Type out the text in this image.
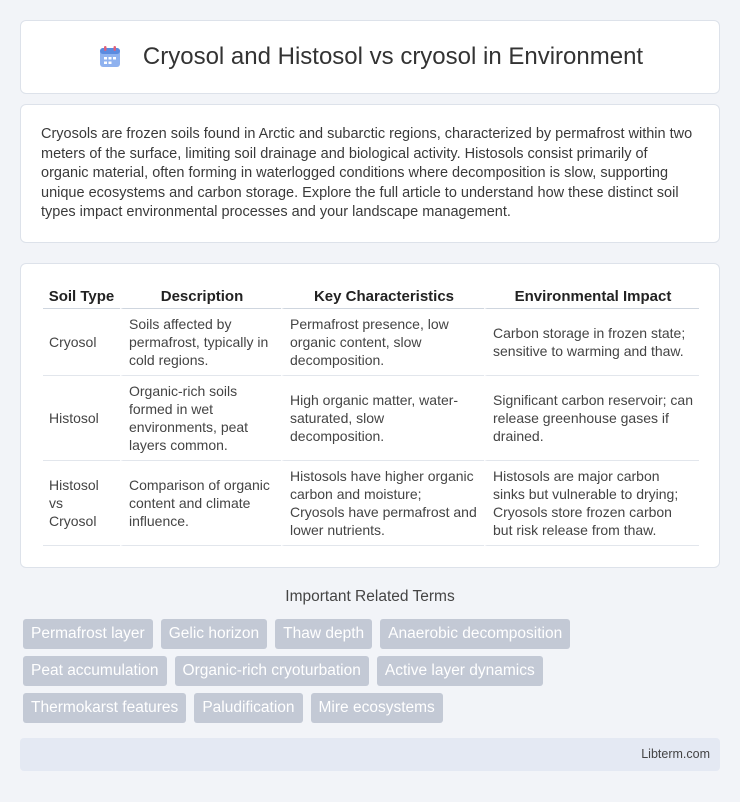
Cryosol and Histosol vs cryosol in Environment

Cryosols are frozen soils found in Arctic and subarctic regions, characterized by permafrost within two meters of the surface, limiting soil drainage and biological activity. Histosols consist primarily of organic material, often forming in waterlogged conditions where decomposition is slow, supporting unique ecosystems and carbon storage. Explore the full article to understand how these distinct soil types impact environmental processes and your landscape management.

Soil Type	Description	Key Characteristics	Environmental Impact
Cryosol	Soils affected by permafrost, typically in cold regions.	Permafrost presence, low organic content, slow decomposition.	Carbon storage in frozen state; sensitive to warming and thaw.
Histosol	Organic-rich soils formed in wet environments, peat layers common.	High organic matter, water-saturated, slow decomposition.	Significant carbon reservoir; can release greenhouse gases if drained.
Histosol vs Cryosol	Comparison of organic content and climate influence.	Histosols have higher organic carbon and moisture; Cryosols have permafrost and lower nutrients.	Histosols are major carbon sinks but vulnerable to drying; Cryosols store frozen carbon but risk release from thaw.
Important Related Terms
Permafrost layer	Gelic horizon	Thaw depth	Anaerobic decomposition
Peat accumulation	Organic-rich cryoturbation	Active layer dynamics
Thermokarst features	Paludification	Mire ecosystems
Libterm.com
